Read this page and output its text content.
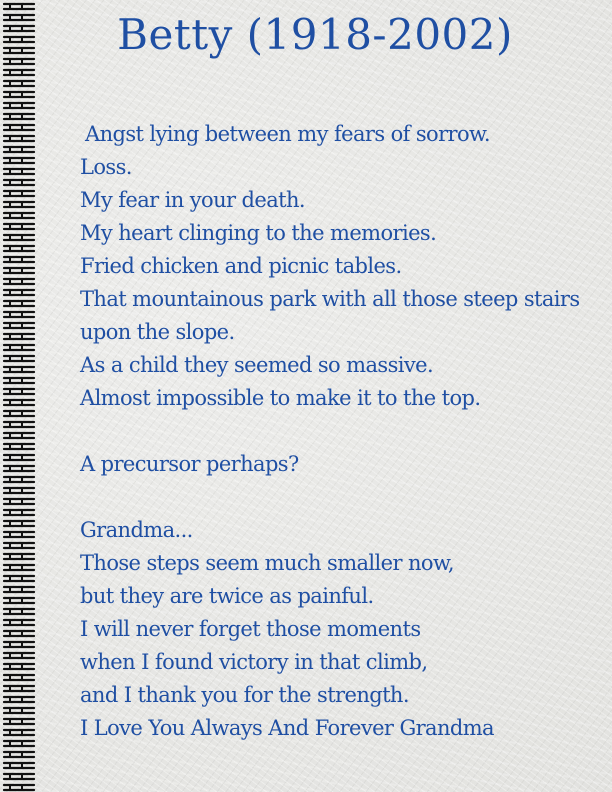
Betty (1918-2002)
Angst lying between my fears of sorrow.
Loss.
My fear in your death.
My heart clinging to the memories.
Fried chicken and picnic tables.
That mountainous park with all those steep stairs
upon the slope.
As a child they seemed so massive.
Almost impossible to make it to the top.
A precursor perhaps?
Grandma...
Those steps seem much smaller now,
but they are twice as painful.
I will never forget those moments
when I found victory in that climb,
and I thank you for the strength.
I Love You Always And Forever Grandma
